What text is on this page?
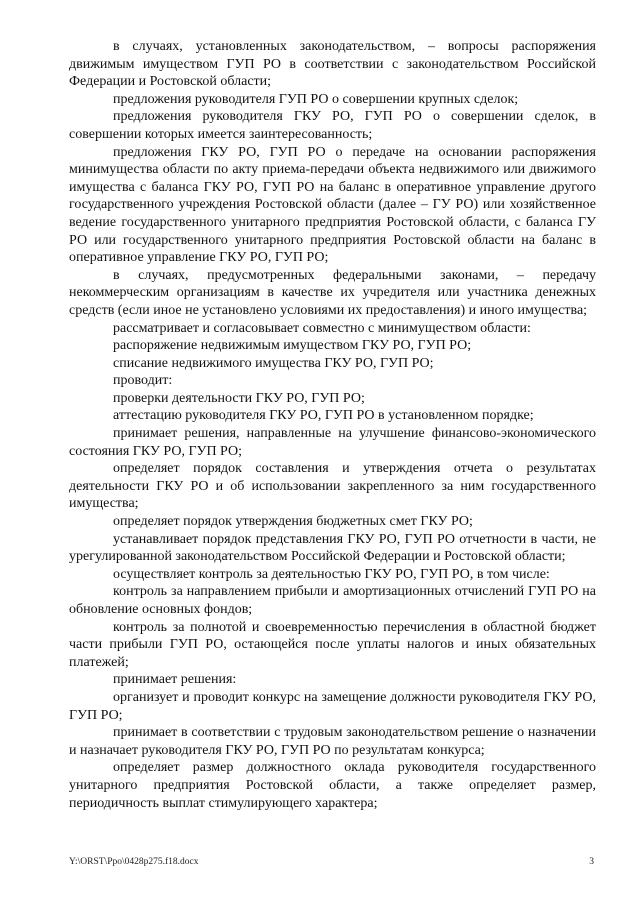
в случаях, установленных законодательством, – вопросы распоряжения движимым имуществом ГУП РО в соответствии с законодательством Российской Федерации и Ростовской области;

предложения руководителя ГУП РО о совершении крупных сделок;

предложения руководителя ГКУ РО, ГУП РО о совершении сделок, в совершении которых имеется заинтересованность;

предложения ГКУ РО, ГУП РО о передаче на основании распоряжения минимущества области по акту приема-передачи объекта недвижимого или движимого имущества с баланса ГКУ РО, ГУП РО на баланс в оперативное управление другого государственного учреждения Ростовской области (далее – ГУ РО) или хозяйственное ведение государственного унитарного предприятия Ростовской области, с баланса ГУ РО или государственного унитарного предприятия Ростовской области на баланс в оперативное управление ГКУ РО, ГУП РО;

в случаях, предусмотренных федеральными законами, – передачу некоммерческим организациям в качестве их учредителя или участника денежных средств (если иное не установлено условиями их предоставления) и иного имущества;

рассматривает и согласовывает совместно с минимуществом области:

распоряжение недвижимым имуществом ГКУ РО, ГУП РО;

списание недвижимого имущества ГКУ РО, ГУП РО;

проводит:

проверки деятельности ГКУ РО, ГУП РО;

аттестацию руководителя ГКУ РО, ГУП РО в установленном порядке;

принимает решения, направленные на улучшение финансово-экономического состояния ГКУ РО, ГУП РО;

определяет порядок составления и утверждения отчета о результатах деятельности ГКУ РО и об использовании закрепленного за ним государственного имущества;

определяет порядок утверждения бюджетных смет ГКУ РО;

устанавливает порядок представления ГКУ РО, ГУП РО отчетности в части, не урегулированной законодательством Российской Федерации и Ростовской области;

осуществляет контроль за деятельностью ГКУ РО, ГУП РО, в том числе:

контроль за направлением прибыли и амортизационных отчислений ГУП РО на обновление основных фондов;

контроль за полнотой и своевременностью перечисления в областной бюджет части прибыли ГУП РО, остающейся после уплаты налогов и иных обязательных платежей;

принимает решения:

организует и проводит конкурс на замещение должности руководителя ГКУ РО, ГУП РО;

принимает в соответствии с трудовым законодательством решение о назначении и назначает руководителя ГКУ РО, ГУП РО по результатам конкурса;

определяет размер должностного оклада руководителя государственного унитарного предприятия Ростовской области, а также определяет размер, периодичность выплат стимулирующего характера;

Y:\ORST\Ppo\0428p275.f18.docx	3
